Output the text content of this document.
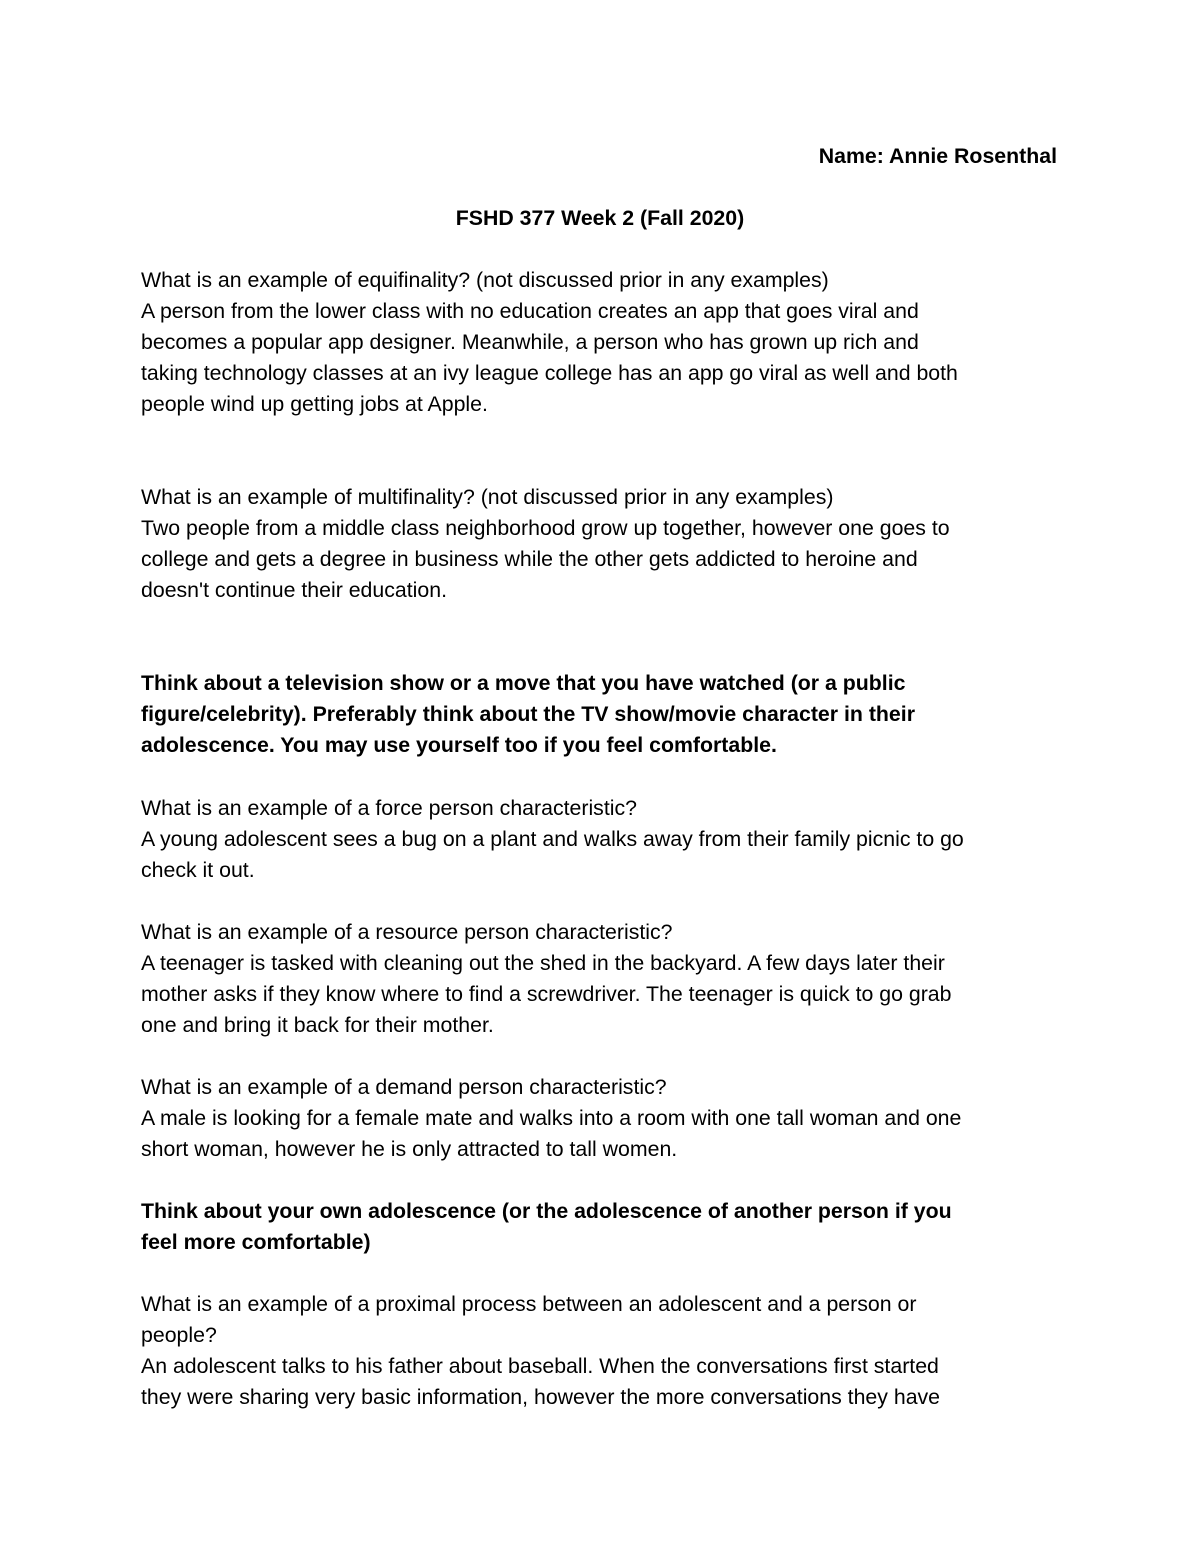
Name: Annie Rosenthal
FSHD 377 Week 2 (Fall 2020)
What is an example of equifinality? (not discussed prior in any examples)
A person from the lower class with no education creates an app that goes viral and
becomes a popular app designer. Meanwhile, a person who has grown up rich and
taking technology classes at an ivy league college has an app go viral as well and both
people wind up getting jobs at Apple.
What is an example of multifinality? (not discussed prior in any examples)
Two people from a middle class neighborhood grow up together, however one goes to
college and gets a degree in business while the other gets addicted to heroine and
doesn't continue their education.
Think about a television show or a move that you have watched (or a public
figure/celebrity). Preferably think about the TV show/movie character in their
adolescence. You may use yourself too if you feel comfortable.
What is an example of a force person characteristic?
A young adolescent sees a bug on a plant and walks away from their family picnic to go
check it out.
What is an example of a resource person characteristic?
A teenager is tasked with cleaning out the shed in the backyard. A few days later their
mother asks if they know where to find a screwdriver. The teenager is quick to go grab
one and bring it back for their mother.
What is an example of a demand person characteristic?
A male is looking for a female mate and walks into a room with one tall woman and one
short woman, however he is only attracted to tall women.
Think about your own adolescence (or the adolescence of another person if you
feel more comfortable)
What is an example of a proximal process between an adolescent and a person or
people?
An adolescent talks to his father about baseball. When the conversations first started
they were sharing very basic information, however the more conversations they have
